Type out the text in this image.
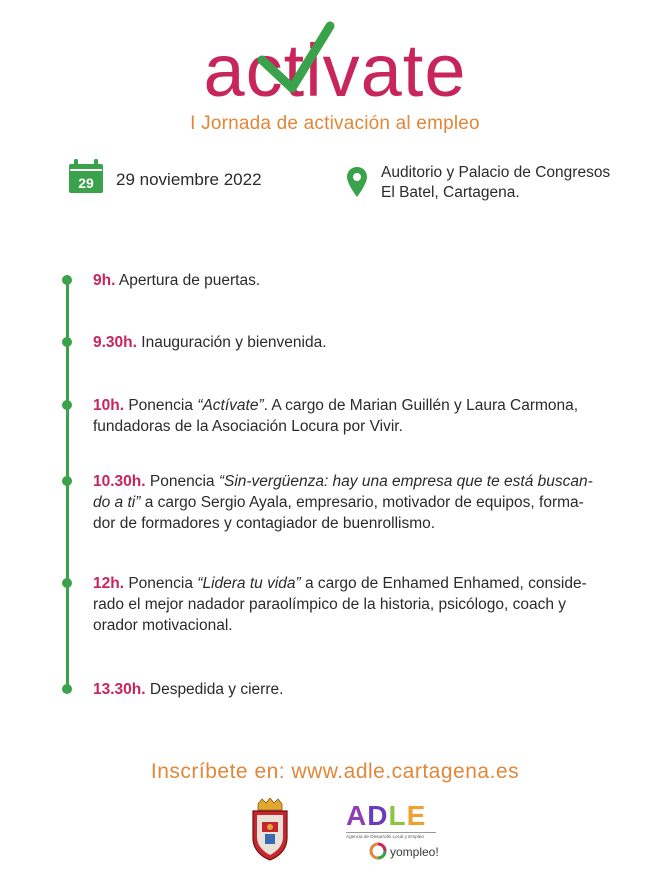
activate
I Jornada de activación al empleo
29 29 noviembre 2022	Auditorio y Palacio de Congresos
El Batel, Cartagena.
9h. Apertura de puertas.
9.30h. Inauguración y bienvenida.
10h. Ponencia “Actívate”. A cargo de Marian Guillén y Laura Carmona,
fundadoras de la Asociación Locura por Vivir.
10.30h. Ponencia “Sin-vergüenza: hay una empresa que te está buscan-
do a ti” a cargo Sergio Ayala, empresario, motivador de equipos, forma-
dor de formadores y contagiador de buenrollismo.
12h. Ponencia “Lidera tu vida” a cargo de Enhamed Enhamed, conside-
rado el mejor nadador paraolímpico de la historia, psicólogo, coach y
orador motivacional.
13.30h. Despedida y cierre.
Inscríbete en: www.adle.cartagena.es
ADLE
Agencia de Desarrollo Local y Empleo
yompleo!
